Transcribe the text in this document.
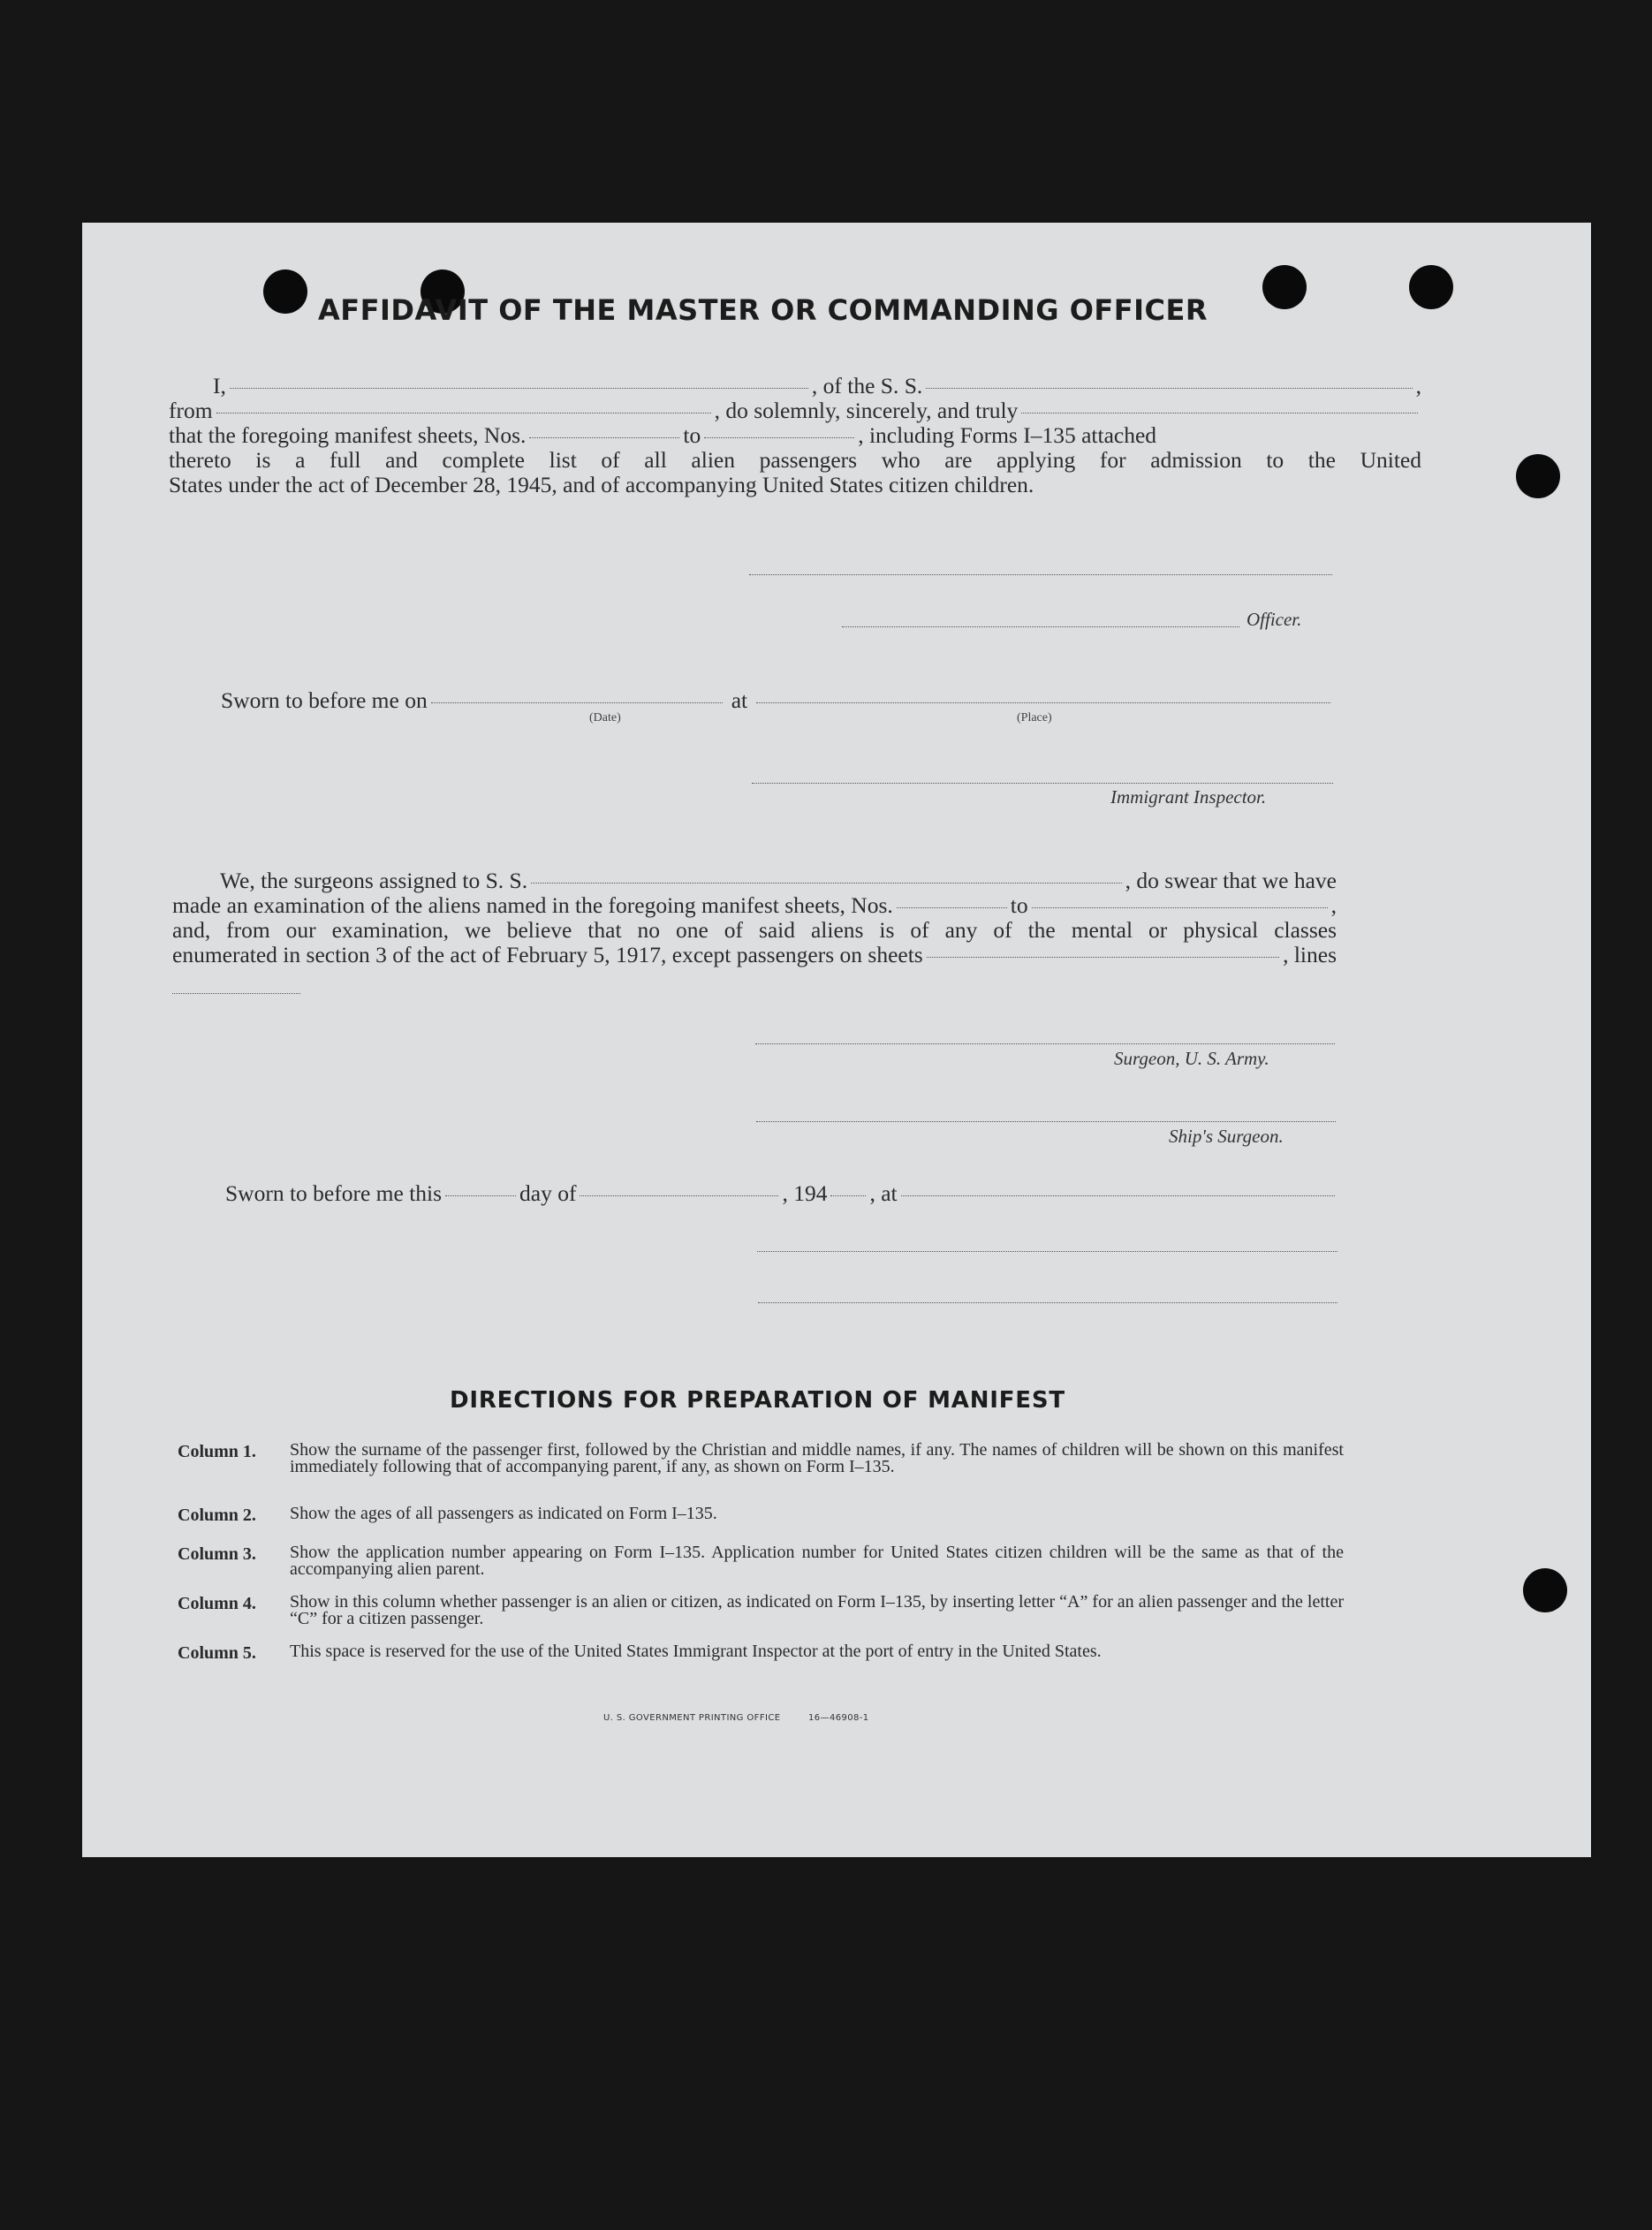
AFFIDAVIT OF THE MASTER OR COMMANDING OFFICER
I,	, of the S. S.	,
from	, do solemnly, sincerely, and truly
that the foregoing manifest sheets, Nos.	to	, including Forms I–135 attached
thereto is a full and complete list of all alien passengers who are applying for admission to the United
States under the act of December 28, 1945, and of accompanying United States citizen children.
Officer.
Sworn to before me on	at
(Date)	(Place)
Immigrant Inspector.
We, the surgeons assigned to S. S.	, do swear that we have
made an examination of the aliens named in the foregoing manifest sheets, Nos.	to	,
and, from our examination, we believe that no one of said aliens is of any of the mental or physical classes
enumerated in section 3 of the act of February 5, 1917, except passengers on sheets	, lines
Surgeon, U. S. Army.
Ship's Surgeon.
Sworn to before me this	day of	, 194 , at
DIRECTIONS FOR PREPARATION OF MANIFEST
Column 1.	Show the surname of the passenger first, followed by the Christian and middle names, if any. The names of children will be shown on this manifest immediately following that of accompanying parent, if any, as shown on Form I–135.
Column 2.	Show the ages of all passengers as indicated on Form I–135.
Column 3.	Show the application number appearing on Form I–135. Application number for United States citizen children will be the same as that of the accompanying alien parent.
Column 4.	Show in this column whether passenger is an alien or citizen, as indicated on Form I–135, by inserting letter “A” for an alien passenger and the letter “C” for a citizen passenger.
Column 5.	This space is reserved for the use of the United States Immigrant Inspector at the port of entry in the United States.
U. S. GOVERNMENT PRINTING OFFICE	16—46908-1
